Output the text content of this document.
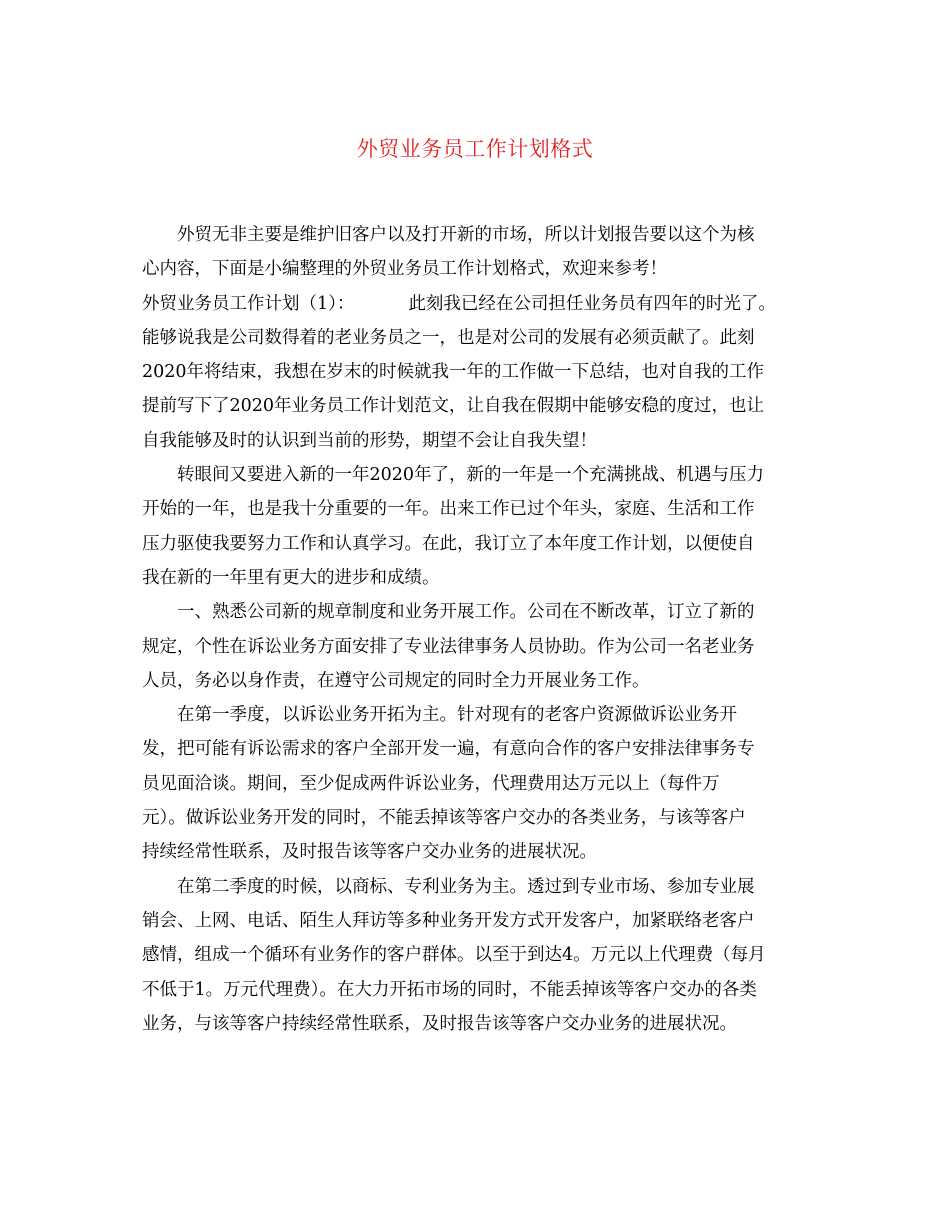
外贸业务员工作计划格式
外贸无非主要是维护旧客户以及打开新的市场，所以计划报告要以这个为核
心内容，下面是小编整理的外贸业务员工作计划格式，欢迎来参考！
外贸业务员工作计划（1）：	此刻我已经在公司担任业务员有四年的时光了。
能够说我是公司数得着的老业务员之一，也是对公司的发展有必须贡献了。此刻
2020年将结束，我想在岁末的时候就我一年的工作做一下总结，也对自我的工作
提前写下了2020年业务员工作计划范文，让自我在假期中能够安稳的度过，也让
自我能够及时的认识到当前的形势，期望不会让自我失望！
转眼间又要进入新的一年2020年了，新的一年是一个充满挑战、机遇与压力
开始的一年，也是我十分重要的一年。出来工作已过个年头，家庭、生活和工作
压力驱使我要努力工作和认真学习。在此，我订立了本年度工作计划，以便使自
我在新的一年里有更大的进步和成绩。
一、熟悉公司新的规章制度和业务开展工作。公司在不断改革，订立了新的
规定，个性在诉讼业务方面安排了专业法律事务人员协助。作为公司一名老业务
人员，务必以身作责，在遵守公司规定的同时全力开展业务工作。
在第一季度，以诉讼业务开拓为主。针对现有的老客户资源做诉讼业务开
发，把可能有诉讼需求的客户全部开发一遍，有意向合作的客户安排法律事务专
员见面洽谈。期间，至少促成两件诉讼业务，代理费用达万元以上（每件万
元）。做诉讼业务开发的同时，不能丢掉该等客户交办的各类业务，与该等客户
持续经常性联系，及时报告该等客户交办业务的进展状况。
在第二季度的时候，以商标、专利业务为主。透过到专业市场、参加专业展
销会、上网、电话、陌生人拜访等多种业务开发方式开发客户，加紧联络老客户
感情，组成一个循环有业务作的客户群体。以至于到达4。万元以上代理费（每月
不低于1。万元代理费）。在大力开拓市场的同时，不能丢掉该等客户交办的各类
业务，与该等客户持续经常性联系，及时报告该等客户交办业务的进展状况。
